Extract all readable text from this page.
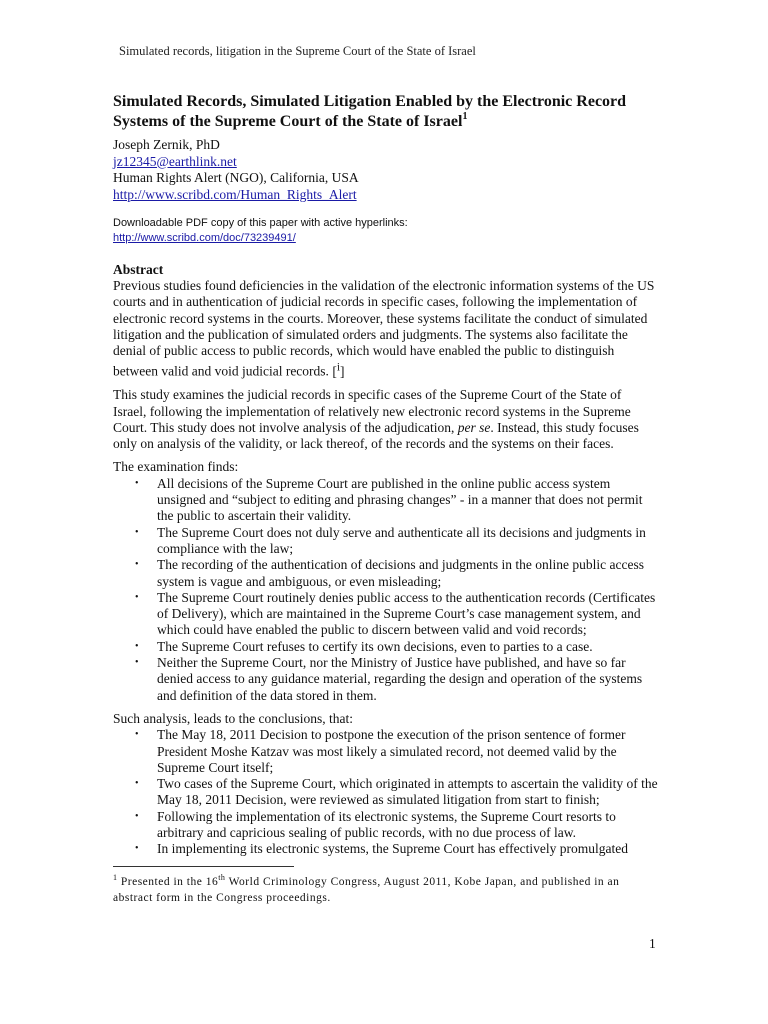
Simulated records, litigation in the Supreme Court of the State of Israel
Simulated Records, Simulated Litigation Enabled by the Electronic Record Systems of the Supreme Court of the State of Israel$^1$
Joseph Zernik, PhD
jz12345@earthlink.net
Human Rights Alert (NGO), California, USA
http://www.scribd.com/Human_Rights_Alert
Downloadable PDF copy of this paper with active hyperlinks:
http://www.scribd.com/doc/73239491/
Abstract

Previous studies found deficiencies in the validation of the electronic information systems of the US courts and in authentication of judicial records in specific cases, following the implementation of electronic record systems in the courts. Moreover, these systems facilitate the conduct of simulated litigation and the publication of simulated orders and judgments. The systems also facilitate the denial of public access to public records, which would have enabled the public to distinguish between valid and void judicial records. [$^i$]

This study examines the judicial records in specific cases of the Supreme Court of the State of Israel, following the implementation of relatively new electronic record systems in the Supreme Court. This study does not involve analysis of the adjudication, per se. Instead, this study focuses only on analysis of the validity, or lack thereof, of the records and the systems on their faces.

The examination finds:
• All decisions of the Supreme Court are published in the online public access system unsigned and “subject to editing and phrasing changes” - in a manner that does not permit the public to ascertain their validity.
• The Supreme Court does not duly serve and authenticate all its decisions and judgments in compliance with the law;
• The recording of the authentication of decisions and judgments in the online public access system is vague and ambiguous, or even misleading;
• The Supreme Court routinely denies public access to the authentication records (Certificates of Delivery), which are maintained in the Supreme Court’s case management system, and which could have enabled the public to discern between valid and void records;
• The Supreme Court refuses to certify its own decisions, even to parties to a case.
• Neither the Supreme Court, nor the Ministry of Justice have published, and have so far denied access to any guidance material, regarding the design and operation of the systems and definition of the data stored in them.
Such analysis, leads to the conclusions, that:
• The May 18, 2011 Decision to postpone the execution of the prison sentence of former President Moshe Katzav was most likely a simulated record, not deemed valid by the Supreme Court itself;
• Two cases of the Supreme Court, which originated in attempts to ascertain the validity of the May 18, 2011 Decision, were reviewed as simulated litigation from start to finish;
• Following the implementation of its electronic systems, the Supreme Court resorts to arbitrary and capricious sealing of public records, with no due process of law.
• In implementing its electronic systems, the Supreme Court has effectively promulgated
$^1$ Presented in the 16th World Criminology Congress, August 2011, Kobe Japan, and published in an abstract form in the Congress proceedings.
1
